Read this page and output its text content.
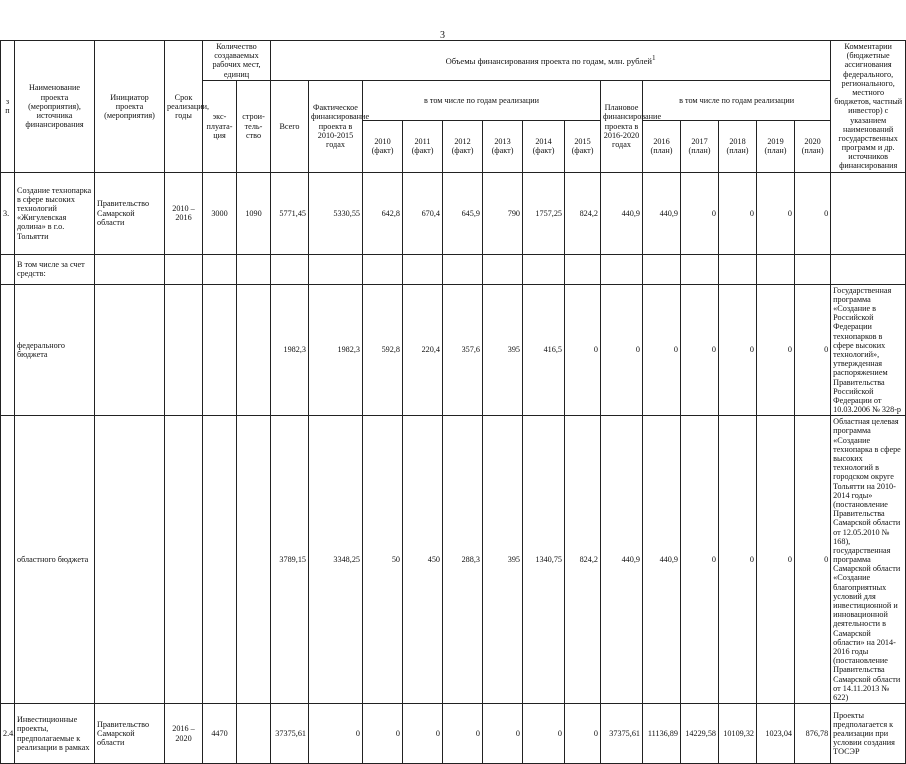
3
з
п	Наименование проекта (мероприятия), источника финансирования	Инициатор проекта (мероприятия)	Срок реализации, годы	Количество создаваемых рабочих мест, единиц		Объемы финансирования проекта по годам, млн. рублей$^1$														Комментарии (бюджетные ассигнования федерального, регионального, местного бюджетов, частный инвестор) с указанием наименований государственных программ и др. источников финансирования
				экс-плуата-ция	строи-тель-ство	Всего	Фактическое финансирование проекта в 2010-2015 годах	в том числе по годам реализации						Плановое финансирование проекта в 2016-2020 годах	в том числе по годам реализации					
								2010 (факт)	2011 (факт)	2012 (факт)	2013 (факт)	2014 (факт)	2015 (факт)		2016 (план)	2017 (план)	2018 (план)	2019 (план)	2020 (план)	
3.	Создание технопарка в сфере высоких технологий «Жигулевская долина» в г.о. Тольятти	Правительство Самарской области	2010 – 2016	3000	1090	5771,45	5330,55	642,8	670,4	645,9	790	1757,25	824,2	440,9	440,9	0	0	0	0	
	В том числе за счет средств:																			
	федерального бюджета					1982,3	1982,3	592,8	220,4	357,6	395	416,5	0	0	0	0	0	0	0	Государственная программа «Создание в Российской Федерации технопарков в сфере высоких технологий», утвержденная распоряжением Правительства Российской Федерации от 10.03.2006 № 328-р
	областного бюджета					3789,15	3348,25	50	450	288,3	395	1340,75	824,2	440,9	440,9	0	0	0	0	Областная целевая программа «Создание технопарка в сфере высоких технологий в городском округе Тольятти на 2010-2014 годы» (постановление Правительства Самарской области от 12.05.2010 № 168), государственная программа Самарской области «Создание благоприятных условий для инвестиционной и инновационной деятельности в Самарской области» на 2014-2016 годы (постановление Правительства Самарской области от 14.11.2013 № 622)
2.4.	Инвестиционные проекты, предполагаемые к реализации в рамках	Правительство Самарской области	2016 – 2020	4470		37375,61	0	0	0	0	0	0	0	37375,61	11136,89	14229,58	10109,32	1023,04	876,78	Проекты предполагается к реализации при условии создания ТОСЭР
